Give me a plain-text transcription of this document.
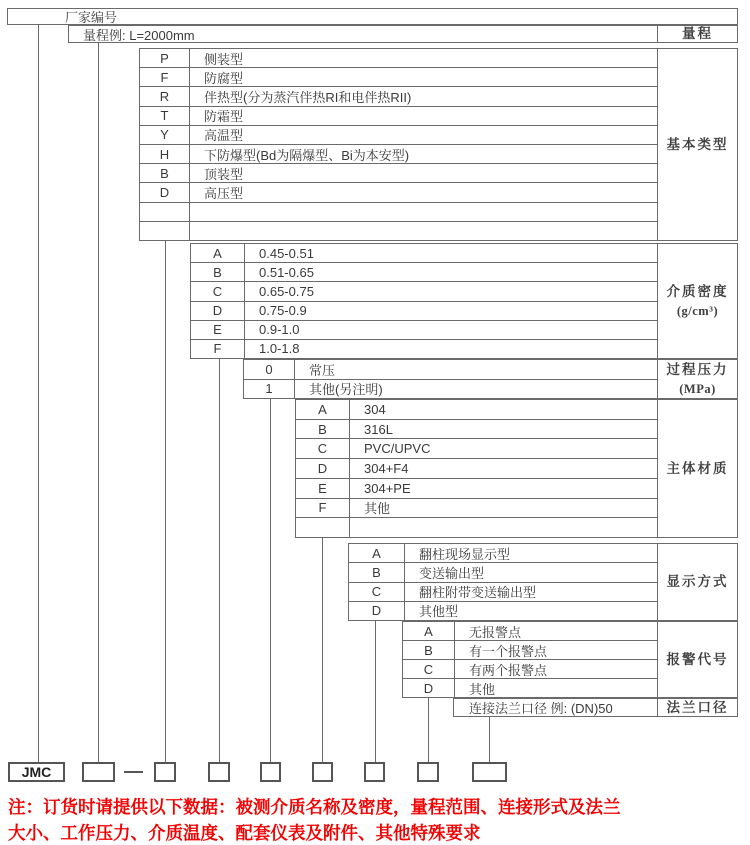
厂家编号
量程例: L=2000mm	量程
P	侧装型
F	防腐型
R	伴热型(分为蒸汽伴热RI和电伴热RII)
T	防霜型
Y	高温型
H	下防爆型(Bd为隔爆型、Bi为本安型)
B	顶装型
D	高压型
基本类型
A	0.45-0.51
B	0.51-0.65
C	0.65-0.75
D	0.75-0.9
E	0.9-1.0
F	1.0-1.8
介质密度
(g/cm³)
0	常压
1	其他(另注明)
过程压力
(MPa)
A	304
B	316L
C	PVC/UPVC
D	304+F4
E	304+PE
F	其他
主体材质
A	翻柱现场显示型
B	变送输出型
C	翻柱附带变送输出型
D	其他型
显示方式
A	无报警点
B	有一个报警点
C	有两个报警点
D	其他
报警代号
连接法兰口径 例: (DN)50	法兰口径
JMC
注：订货时请提供以下数据：被测介质名称及密度，量程范围、连接形式及法兰
大小、工作压力、介质温度、配套仪表及附件、其他特殊要求
